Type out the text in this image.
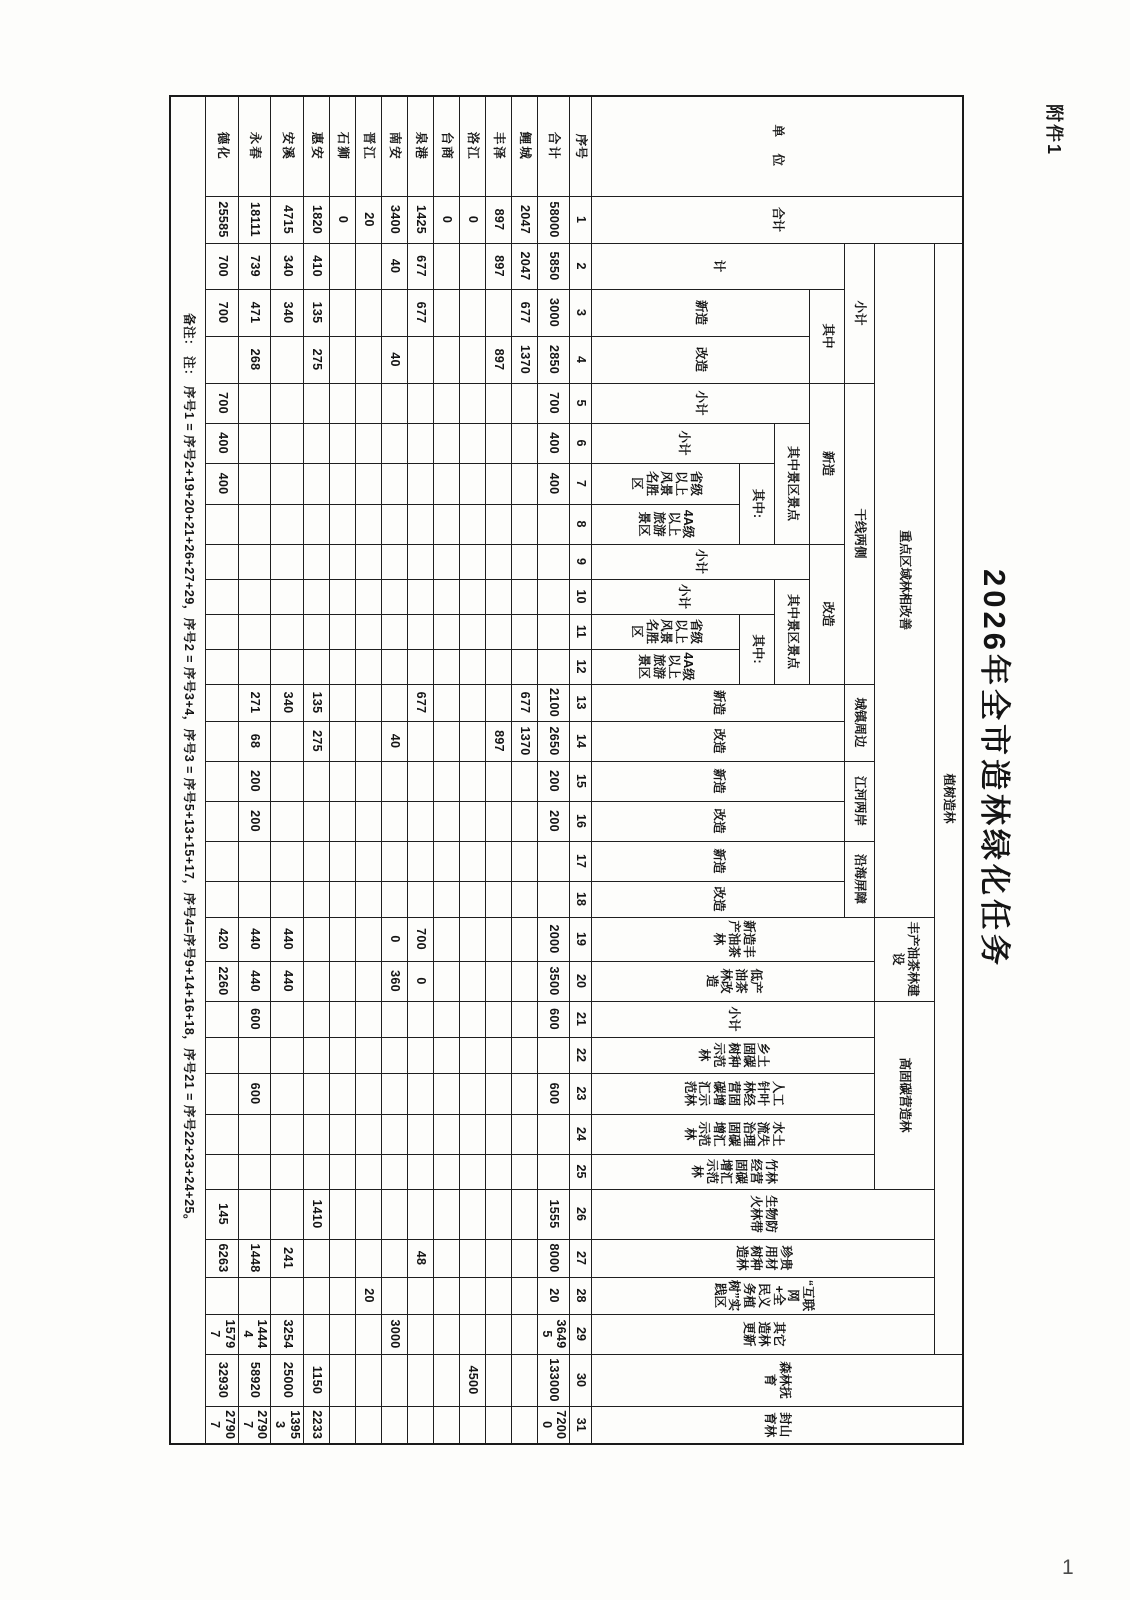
附件1
2026年全市造林绿化任务
单　位	合计	植树造林																												森林抚育	封山育林
		重点区域林相改善																	丰产油茶林建设		高固碳营造林					生物防火林带	珍贵用材树种造林	“互联网+全民义务植树”实践区	其它造林更新		
		小计			干线两侧								城镇周边		江河两岸		沿海屏障		新造丰产油茶林	低产油茶林改造	小计	乡土固碳树种示范林	人工针叶林经营固碳增汇示范林	水土流失治理固碳增汇示范林	竹林经营固碳增汇示范林						
		计	其中		新造				改造				新造	改造	新造	改造	新造	改造													
			新造	改造	小计	其中景区景点			小计	其中景区景点																					
						小计	其中:			小计	其中:																				
							省级以上风景名胜区	4A级以上旅游景区			省级以上风景名胜区	4A级以上旅游景区																			
序号	1	2	3	4	5	6	7	8	9	10	11	12	13	14	15	16	17	18	19	20	21	22	23	24	25	26	27	28	29	30	31
合计	58000	5850	3000	2850	700	400	400						2100	2650	200	200			2000	3500	600		600			1555	8000	20	36495	133000	72000
鲤城	2047	2047	677	1370									677	1370																	
丰泽	897	897		897										897																	
洛江	0																													4500	
台商	0																														
泉港	1425	677	677										677						700	0							48				
南安	3400	40		40										40					0	360									3000		
晋江	20																											20			
石狮	0																														
惠安	1820	410	135	275									135	275												1410				1150	2233
安溪	4715	340	340										340						440	440							241		3254	25000	13953
永春	18111	739	471	268									271	68	200	200			440	440	600		600				1448		14444	58920	27907
德化	25585	700	700		700	400	400												420	2260						145	6263		15797	32930	27907
备注： 注： 序号1 = 序号2+19+20+21+26+27+29，序号2 = 序号3+4，序号3 = 序号5+13+15+17，序号4=序号9+14+16+18，序号21 = 序号22+23+24+25。																															
1
